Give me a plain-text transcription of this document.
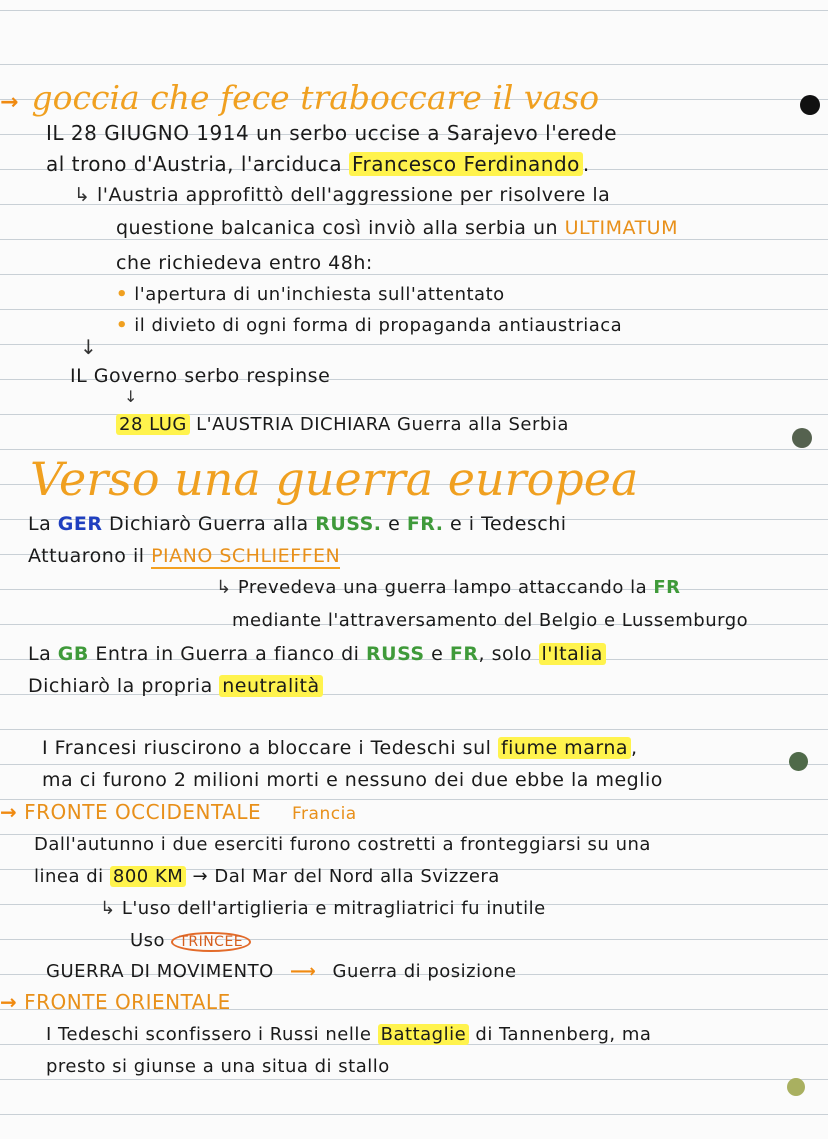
→ goccia che fece traboccare il vaso
IL 28 GIUGNO 1914 un serbo uccise a Sarajevo l'erede
al trono d'Austria, l'arciduca Francesco Ferdinando .
↳ l'Austria approfittò dell'aggressione per risolvere la
questione balcanica così inviò alla serbia un ULTIMATUM
che richiedeva entro 48h:
• l'apertura di un'inchiesta sull'attentato
• il divieto di ogni forma di propaganda antiaustriaca
↓
IL Governo serbo respinse
↓
28 LUG L'AUSTRIA DICHIARA Guerra alla Serbia
Verso una guerra europea
La GER Dichiarò Guerra alla RUSS. e FR. e i Tedeschi
Attuarono il PIANO SCHLIEFFEN
↳ Prevedeva una guerra lampo attaccando la FR
mediante l'attraversamento del Belgio e Lussemburgo
La GB Entra in Guerra a fianco di RUSS e FR, solo l'Italia
Dichiarò la propria neutralità
I Francesi riuscirono a bloccare i Tedeschi sul fiume marna ,
ma ci furono 2 milioni morti e nessuno dei due ebbe la meglio
→ FRONTE OCCIDENTALE Francia
Dall'autunno i due eserciti furono costretti a fronteggiarsi su una
linea di 800 KM → Dal Mar del Nord alla Svizzera
↳ L'uso dell'artiglieria e mitragliatrici fu inutile
Uso TRINCEE
GUERRA DI MOVIMENTO ⟶ Guerra di posizione
→ FRONTE ORIENTALE
I Tedeschi sconfissero i Russi nelle Battaglie di Tannenberg, ma
presto si giunse a una situa di stallo
